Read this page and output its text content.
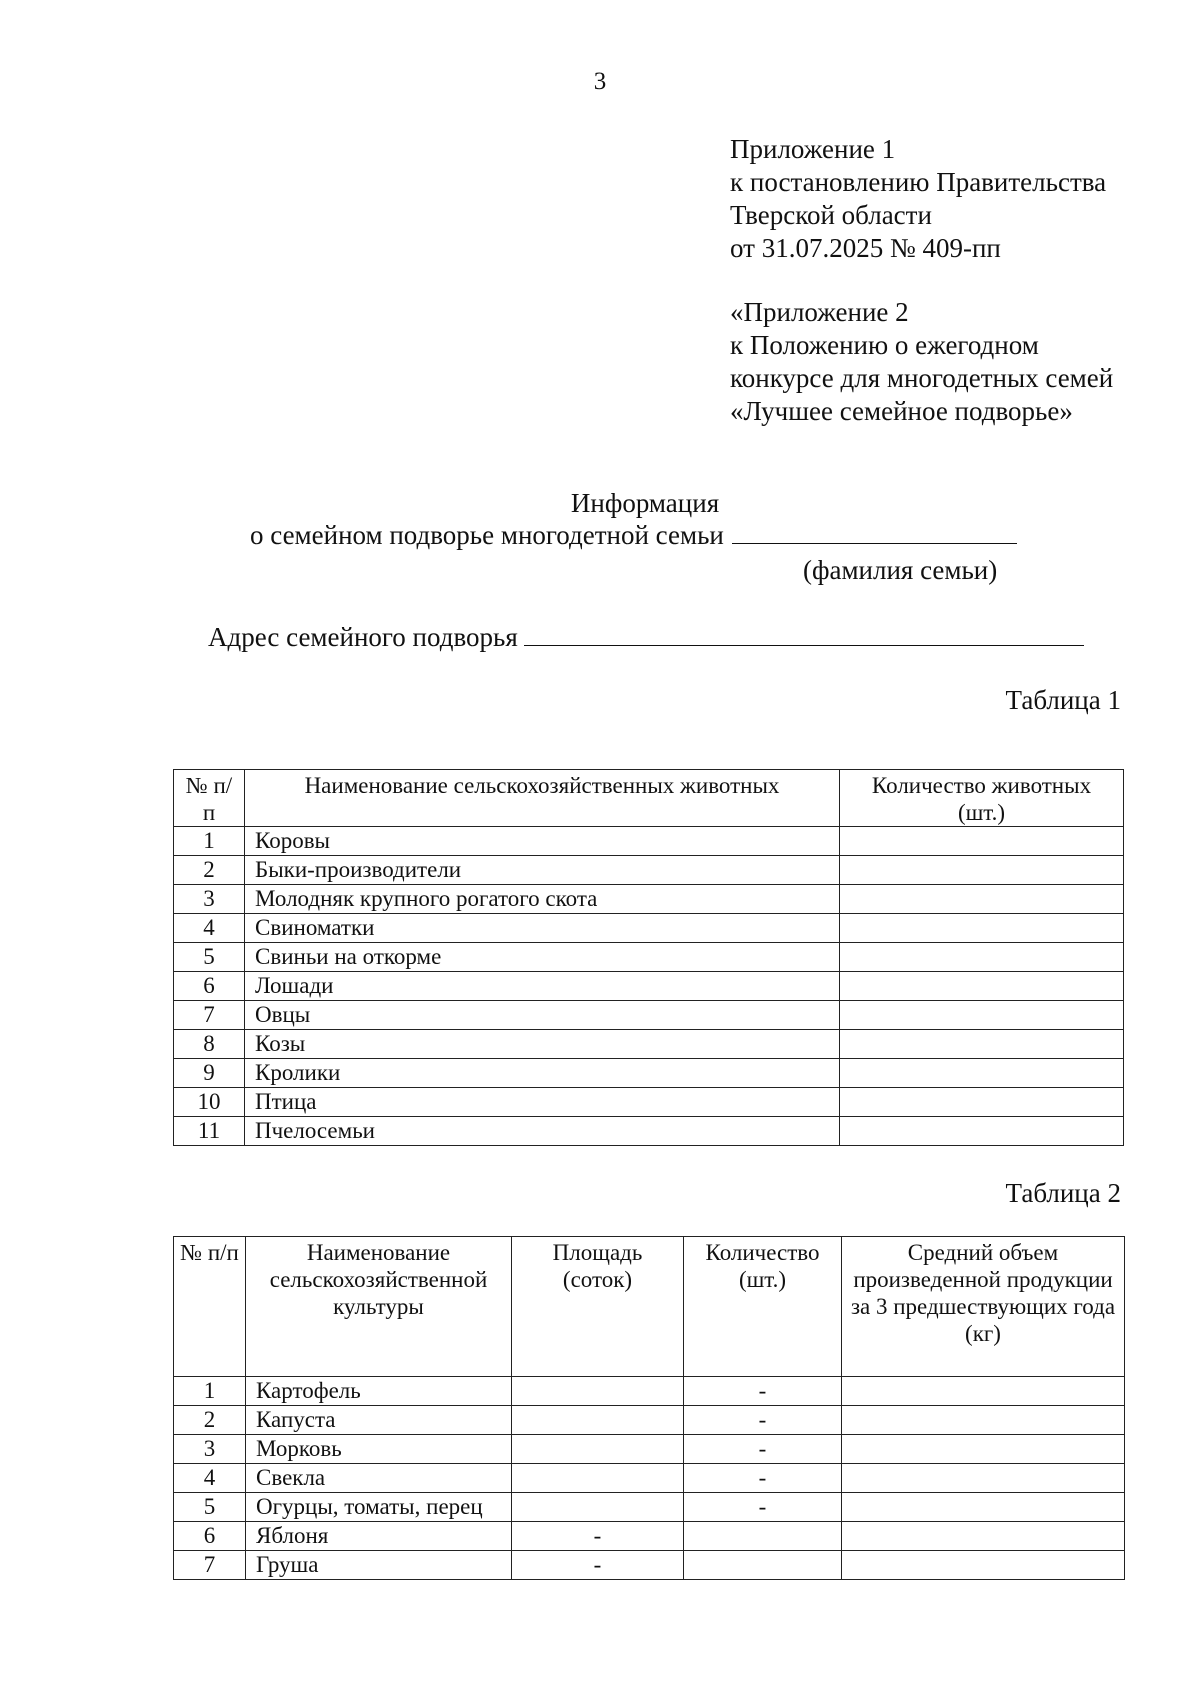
3
Приложение 1
к постановлению Правительства
Тверской области
от 31.07.2025 № 409-пп
«Приложение 2
к Положению о ежегодном
конкурсе для многодетных семей
«Лучшее семейное подворье»
Информация
о семейном подворье многодетной семьи
(фамилия семьи)
Адрес семейного подворья
Таблица 1
№ п/п	Наименование сельскохозяйственных животных	Количество животных (шт.)
1	Коровы	
2	Быки-производители	
3	Молодняк крупного рогатого скота	
4	Свиноматки	
5	Свиньи на откорме	
6	Лошади	
7	Овцы	
8	Козы	
9	Кролики	
10	Птица	
11	Пчелосемьи	
Таблица 2
№ п/п	Наименование сельскохозяйственной культуры	Площадь (соток)	Количество (шт.)	Средний объем произведенной продукции за 3 предшествующих года (кг)
1	Картофель		-	
2	Капуста		-	
3	Морковь		-	
4	Свекла		-	
5	Огурцы, томаты, перец		-	
6	Яблоня	-		
7	Груша	-		
